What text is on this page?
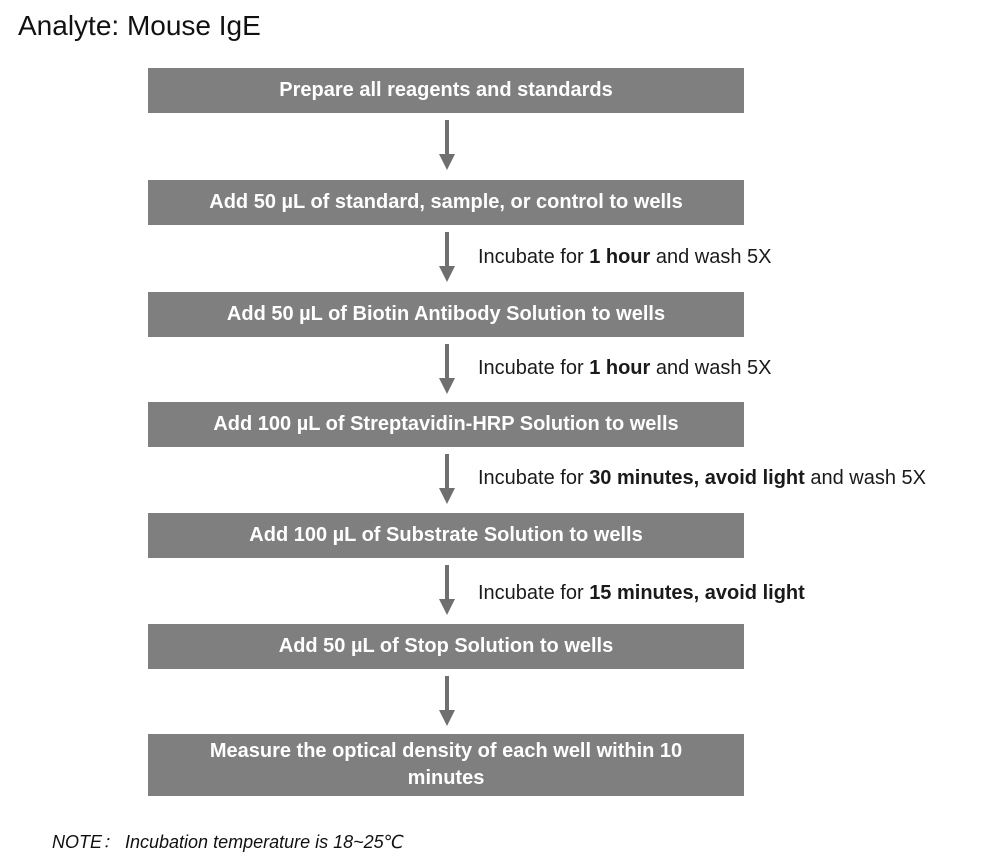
Analyte: Mouse IgE
Prepare all reagents and standards
Add 50 µL of standard, sample, or control to wells
Add 50 µL of Biotin Antibody Solution to wells
Add 100 µL of Streptavidin-HRP Solution to wells
Add 100 µL of Substrate Solution to wells
Add 50 µL of Stop Solution to wells
Measure the optical density of each well within 10 minutes
Incubate for 1 hour and wash 5X
Incubate for 1 hour and wash 5X
Incubate for 30 minutes, avoid light and wash 5X
Incubate for 15 minutes, avoid light
NOTE： Incubation temperature is 18~25℃
